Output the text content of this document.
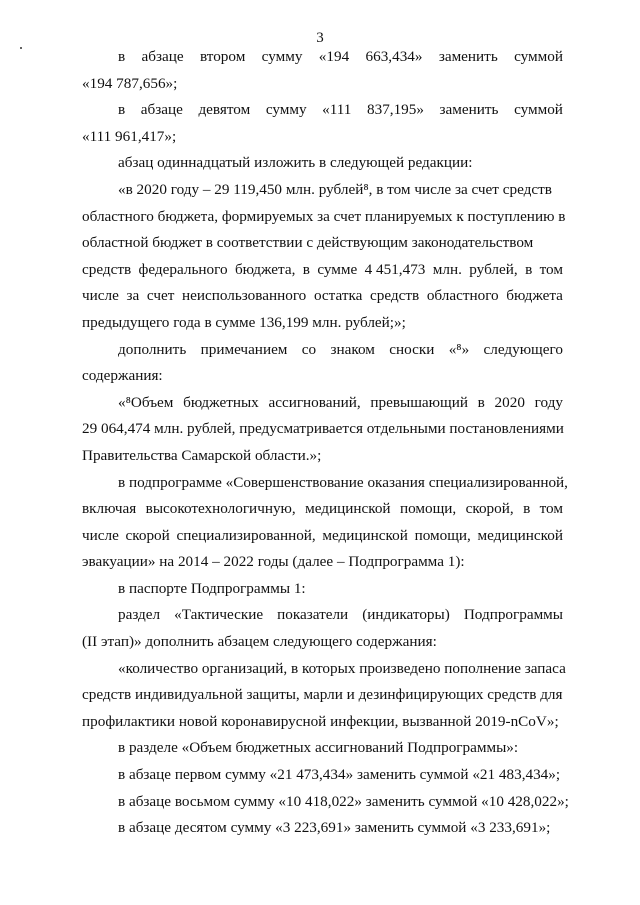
3
в абзаце втором сумму «194 663,434» заменить суммой
«194 787,656»;
в абзаце девятом сумму «111 837,195» заменить суммой
«111 961,417»;
абзац одиннадцатый изложить в следующей редакции:
«в 2020 году – 29 119,450 млн. рублей⁸, в том числе за счет средств
областного бюджета, формируемых за счет планируемых к поступлению в
областной бюджет в соответствии с действующим законодательством
средств федерального бюджета, в сумме 4 451,473 млн. рублей, в том
числе за счет неиспользованного остатка средств областного бюджета
предыдущего года в сумме 136,199 млн. рублей;»;
дополнить примечанием со знаком сноски «⁸» следующего
содержания:
«⁸Объем бюджетных ассигнований, превышающий в 2020 году
29 064,474 млн. рублей, предусматривается отдельными постановлениями
Правительства Самарской области.»;
в подпрограмме «Совершенствование оказания специализированной,
включая высокотехнологичную, медицинской помощи, скорой, в том
числе скорой специализированной, медицинской помощи, медицинской
эвакуации» на 2014 – 2022 годы (далее – Подпрограмма 1):
в паспорте Подпрограммы 1:
раздел «Тактические показатели (индикаторы) Подпрограммы
(II этап)» дополнить абзацем следующего содержания:
«количество организаций, в которых произведено пополнение запаса
средств индивидуальной защиты, марли и дезинфицирующих средств для
профилактики новой коронавирусной инфекции, вызванной 2019-nCoV»;
в разделе «Объем бюджетных ассигнований Подпрограммы»:
в абзаце первом сумму «21 473,434» заменить суммой «21 483,434»;
в абзаце восьмом сумму «10 418,022» заменить суммой «10 428,022»;
в абзаце десятом сумму «3 223,691» заменить суммой «3 233,691»;
